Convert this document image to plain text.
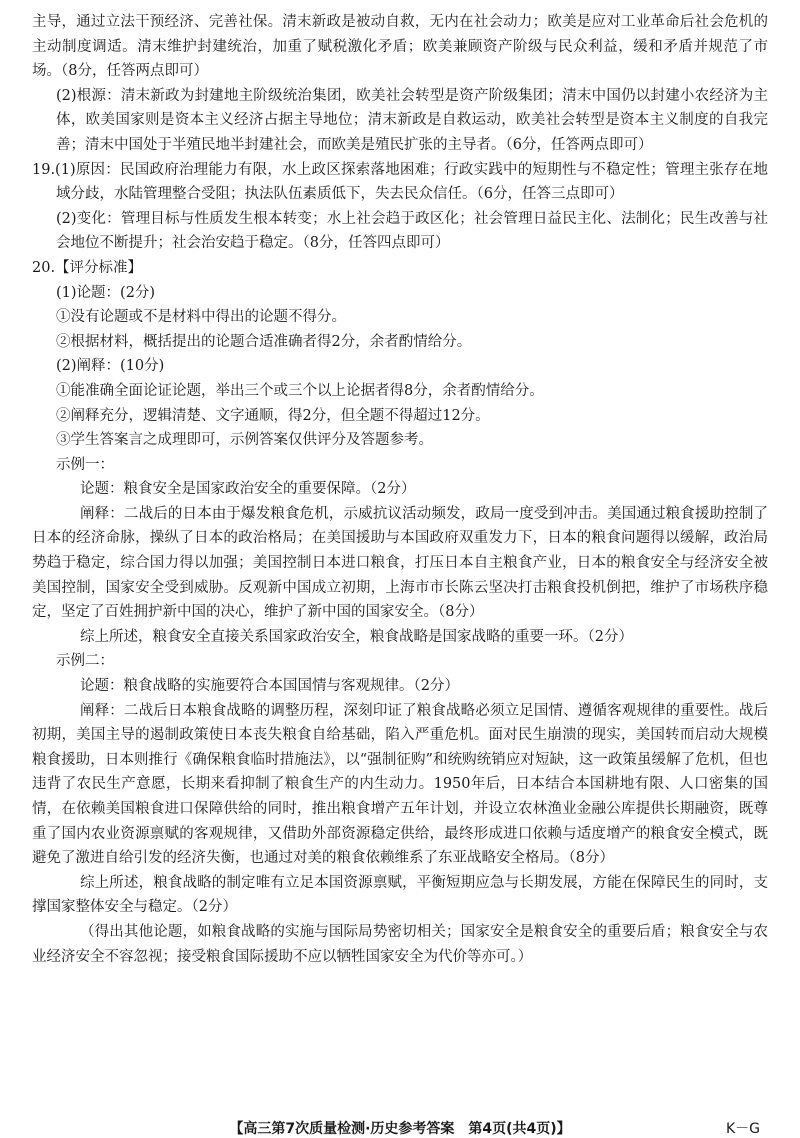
主导，通过立法干预经济、完善社保。清末新政是被动自救，无内在社会动力；欧美是应对工业革命后社会危机的主动制度调适。清末维护封建统治，加重了赋税激化矛盾；欧美兼顾资产阶级与民众利益，缓和矛盾并规范了市场。（8分，任答两点即可）

(2)根源：清末新政为封建地主阶级统治集团，欧美社会转型是资产阶级集团；清末中国仍以封建小农经济为主体，欧美国家则是资本主义经济占据主导地位；清末新政是自救运动，欧美社会转型是资本主义制度的自我完善；清末中国处于半殖民地半封建社会，而欧美是殖民扩张的主导者。（6分，任答两点即可）

19.(1)原因：民国政府治理能力有限，水上政区探索落地困难；行政实践中的短期性与不稳定性；管理主张存在地域分歧，水陆管理整合受阻；执法队伍素质低下，失去民众信任。（6分，任答三点即可）

(2)变化：管理目标与性质发生根本转变；水上社会趋于政区化；社会管理日益民主化、法制化；民生改善与社会地位不断提升；社会治安趋于稳定。（8分，任答四点即可）

20.【评分标准】

(1)论题：(2分)

①没有论题或不是材料中得出的论题不得分。

②根据材料，概括提出的论题合适准确者得2分，余者酌情给分。

(2)阐释：(10分)

①能准确全面论证论题，举出三个或三个以上论据者得8分，余者酌情给分。

②阐释充分，逻辑清楚、文字通顺，得2分，但全题不得超过12分。

③学生答案言之成理即可，示例答案仅供评分及答题参考。

示例一：

论题：粮食安全是国家政治安全的重要保障。（2分）

阐释：二战后的日本由于爆发粮食危机，示威抗议活动频发，政局一度受到冲击。美国通过粮食援助控制了日本的经济命脉，操纵了日本的政治格局；在美国援助与本国政府双重发力下，日本的粮食问题得以缓解，政治局势趋于稳定，综合国力得以加强；美国控制日本进口粮食，打压日本自主粮食产业，日本的粮食安全与经济安全被美国控制，国家安全受到威胁。反观新中国成立初期，上海市市长陈云坚决打击粮食投机倒把，维护了市场秩序稳定，坚定了百姓拥护新中国的决心，维护了新中国的国家安全。（8分）

综上所述，粮食安全直接关系国家政治安全，粮食战略是国家战略的重要一环。（2分）

示例二：

论题：粮食战略的实施要符合本国国情与客观规律。（2分）

阐释：二战后日本粮食战略的调整历程，深刻印证了粮食战略必须立足国情、遵循客观规律的重要性。战后初期，美国主导的遏制政策使日本丧失粮食自给基础，陷入严重危机。面对民生崩溃的现实，美国转而启动大规模粮食援助，日本则推行《确保粮食临时措施法》，以“强制征购”和统购统销应对短缺，这一政策虽缓解了危机，但也违背了农民生产意愿，长期来看抑制了粮食生产的内生动力。1950年后，日本结合本国耕地有限、人口密集的国情，在依赖美国粮食进口保障供给的同时，推出粮食增产五年计划，并设立农林渔业金融公库提供长期融资，既尊重了国内农业资源禀赋的客观规律，又借助外部资源稳定供给，最终形成进口依赖与适度增产的粮食安全模式，既避免了激进自给引发的经济失衡，也通过对美的粮食依赖维系了东亚战略安全格局。（8分）

综上所述，粮食战略的制定唯有立足本国资源禀赋，平衡短期应急与长期发展，方能在保障民生的同时，支撑国家整体安全与稳定。（2分）

（得出其他论题，如粮食战略的实施与国际局势密切相关；国家安全是粮食安全的重要后盾；粮食安全与农业经济安全不容忽视；接受粮食国际援助不应以牺牲国家安全为代价等亦可。）

【高三第7次质量检测·历史参考答案　第4页(共4页)】	K－G
